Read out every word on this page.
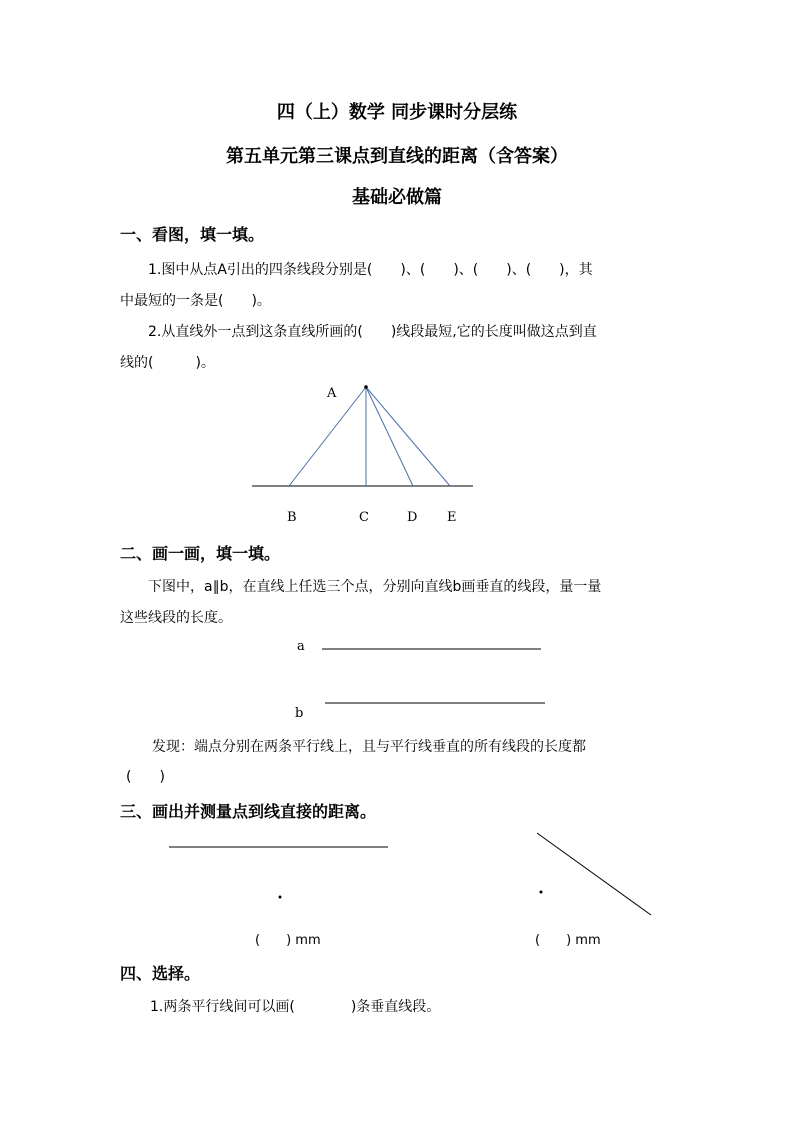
四（上）数学 同步课时分层练
第五单元第三课点到直线的距离（含答案）
基础必做篇
一、看图，填一填。
1.图中从点A引出的四条线段分别是(　　)、(　　)、(　　)、(　　)，其
中最短的一条是(　　)。
2.从直线外一点到这条直线所画的(　　)线段最短,它的长度叫做这点到直
线的(　　　)。
A
B	C	D E
二、画一画，填一填。
下图中，a∥b，在直线上任选三个点，分别向直线b画垂直的线段，量一量
这些线段的长度。
a
b
发现：端点分别在两条平行线上，且与平行线垂直的所有线段的长度都
(　　)
三、画出并测量点到线直接的距离。
(　　) mm	(　　) mm
四、选择。
1.两条平行线间可以画(　　　　)条垂直线段。
